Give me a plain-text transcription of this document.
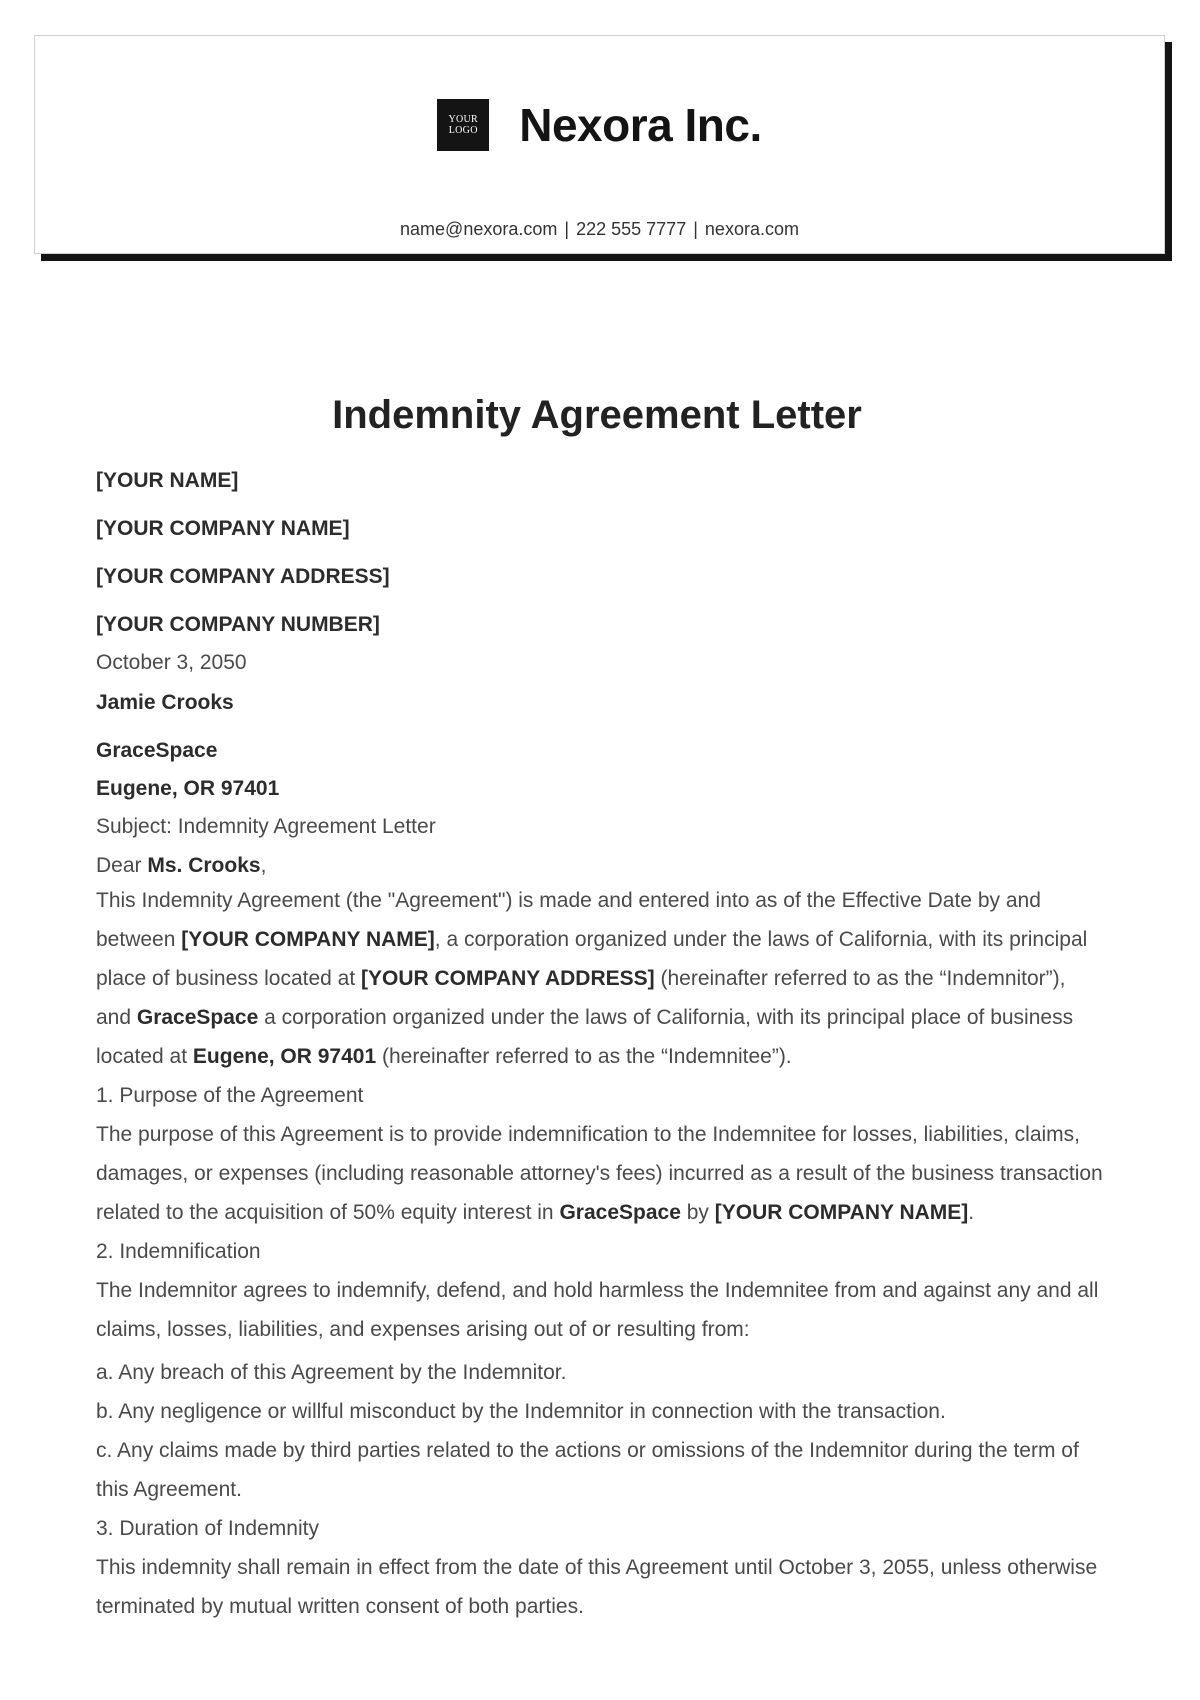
YOUR
LOGO Nexora Inc.
name@nexora.com | 222 555 7777 | nexora.com
Indemnity Agreement Letter
[YOUR NAME]
[YOUR COMPANY NAME]
[YOUR COMPANY ADDRESS]
[YOUR COMPANY NUMBER]
October 3, 2050
Jamie Crooks
GraceSpace
Eugene, OR 97401
Subject: Indemnity Agreement Letter
Dear Ms. Crooks,

This Indemnity Agreement (the "Agreement") is made and entered into as of the Effective Date by and between [YOUR COMPANY NAME], a corporation organized under the laws of California, with its principal place of business located at [YOUR COMPANY ADDRESS] (hereinafter referred to as the “Indemnitor”), and GraceSpace a corporation organized under the laws of California, with its principal place of business located at Eugene, OR 97401 (hereinafter referred to as the “Indemnitee”).

1. Purpose of the Agreement

The purpose of this Agreement is to provide indemnification to the Indemnitee for losses, liabilities, claims, damages, or expenses (including reasonable attorney's fees) incurred as a result of the business transaction related to the acquisition of 50% equity interest in GraceSpace by [YOUR COMPANY NAME].

2. Indemnification

The Indemnitor agrees to indemnify, defend, and hold harmless the Indemnitee from and against any and all claims, losses, liabilities, and expenses arising out of or resulting from:

a. Any breach of this Agreement by the Indemnitor.

b. Any negligence or willful misconduct by the Indemnitor in connection with the transaction.

c. Any claims made by third parties related to the actions or omissions of the Indemnitor during the term of this Agreement.

3. Duration of Indemnity

This indemnity shall remain in effect from the date of this Agreement until October 3, 2055, unless otherwise terminated by mutual written consent of both parties.
